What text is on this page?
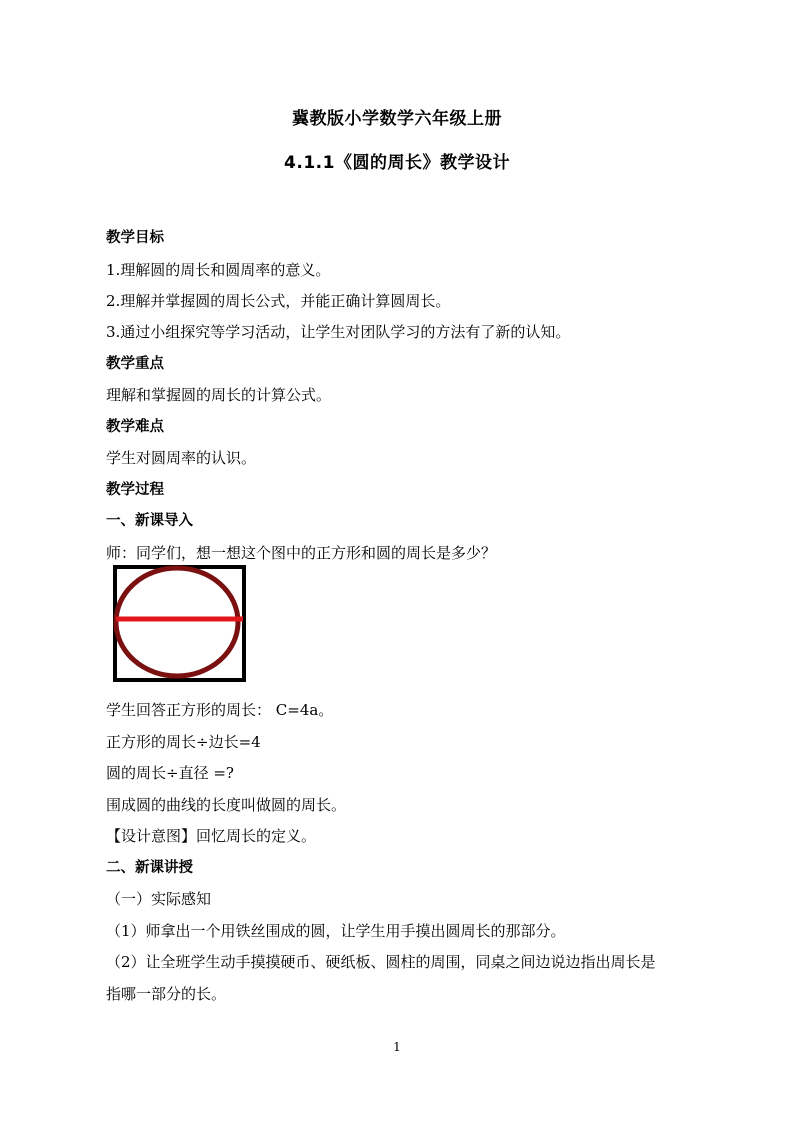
冀教版小学数学六年级上册
4.1.1《圆的周长》教学设计
教学目标
1.理解圆的周长和圆周率的意义。
2.理解并掌握圆的周长公式，并能正确计算圆周长。
3.通过小组探究等学习活动，让学生对团队学习的方法有了新的认知。
教学重点
理解和掌握圆的周长的计算公式。
教学难点
学生对圆周率的认识。
教学过程
一、新课导入
师：同学们，想一想这个图中的正方形和圆的周长是多少？
学生回答正方形的周长： C=4a。
正方形的周长÷边长=4
圆的周长÷直径 =?
围成圆的曲线的长度叫做圆的周长。
【设计意图】回忆周长的定义。
二、新课讲授
（一）实际感知
（1）师拿出一个用铁丝围成的圆，让学生用手摸出圆周长的那部分。
（2）让全班学生动手摸摸硬币、硬纸板、圆柱的周围，同桌之间边说边指出周长是
指哪一部分的长。
1
